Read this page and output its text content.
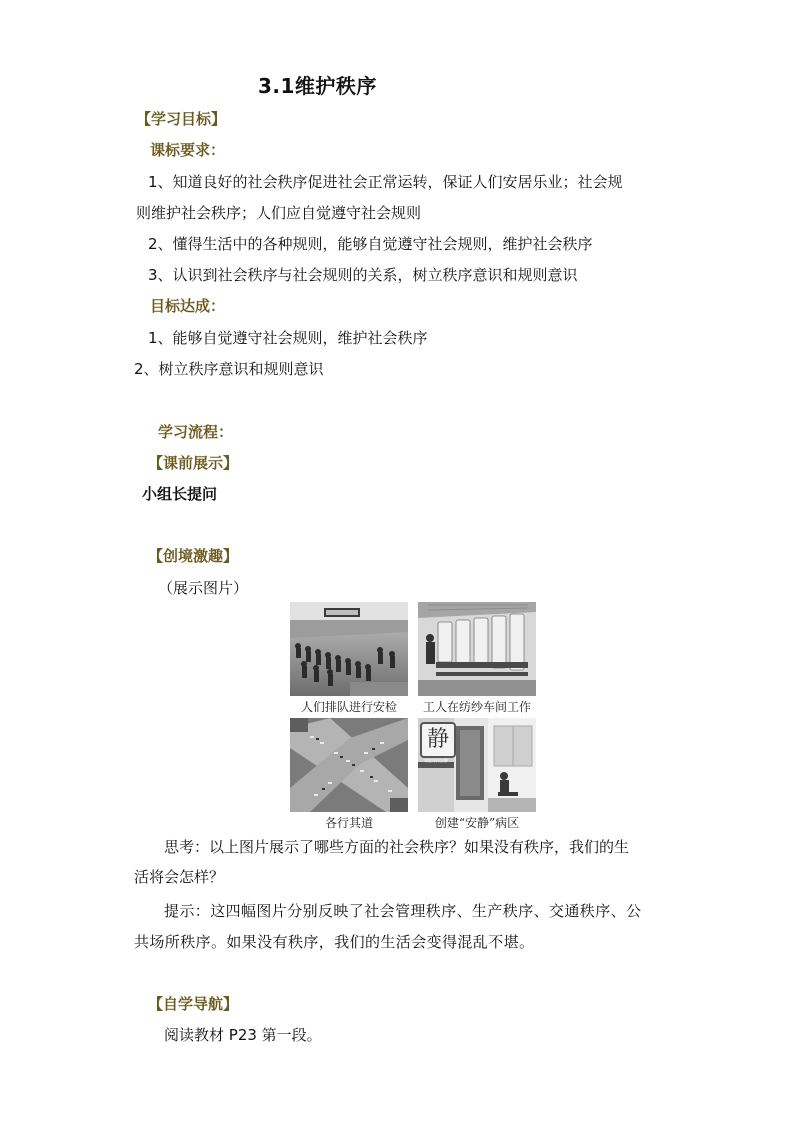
3.1维护秩序
【学习目标】
课标要求：
1、知道良好的社会秩序促进社会正常运转，保证人们安居乐业；社会规
则维护社会秩序；人们应自觉遵守社会规则
2、懂得生活中的各种规则，能够自觉遵守社会规则，维护社会秩序
3、认识到社会秩序与社会规则的关系，树立秩序意识和规则意识
目标达成：
1、能够自觉遵守社会规则，维护社会秩序
2、树立秩序意识和规则意识
学习流程：
【课前展示】
小组长提问
【创境激趣】
（展示图片）
人们排队进行安检	工人在纺纱车间工作
各行其道
静
请您保持安静
创建“安静”病区
思考：以上图片展示了哪些方面的社会秩序？如果没有秩序，我们的生
活将会怎样？
提示：这四幅图片分别反映了社会管理秩序、生产秩序、交通秩序、公
共场所秩序。如果没有秩序，我们的生活会变得混乱不堪。
【自学导航】
阅读教材 P23 第一段。
